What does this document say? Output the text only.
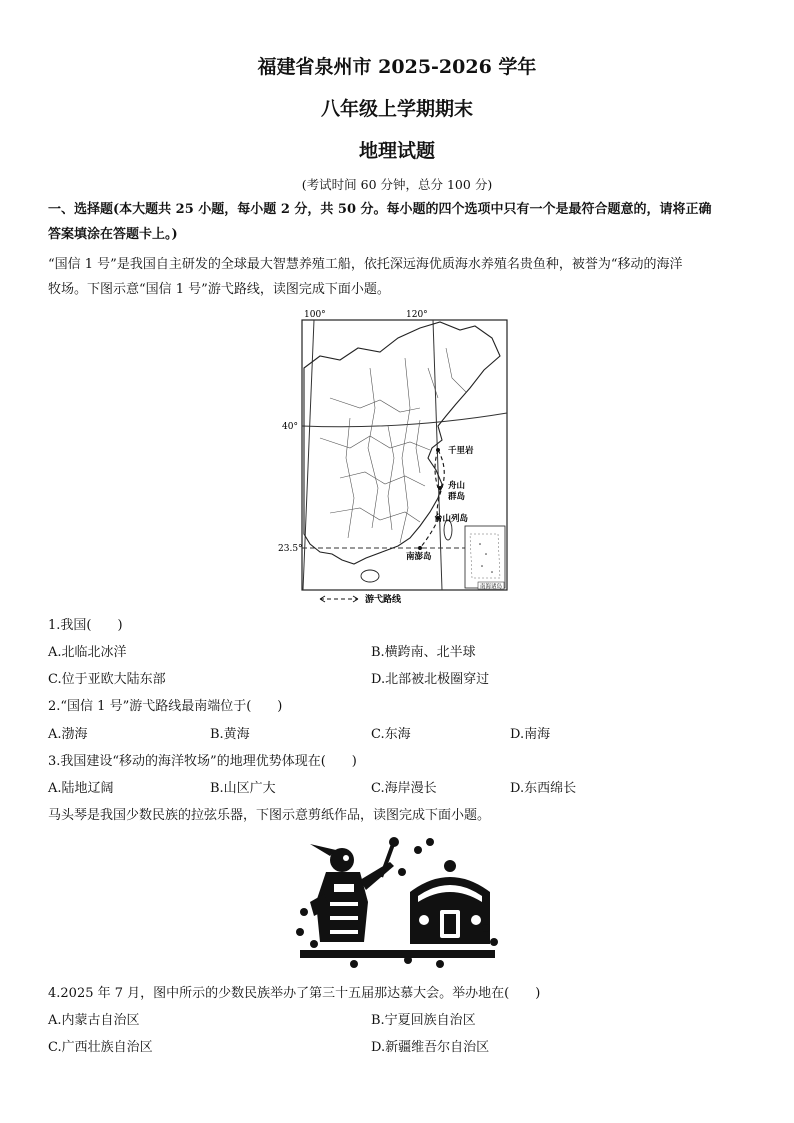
福建省泉州市 2025-2026 学年
八年级上学期期末
地理试题
(考试时间 60 分钟，总分 100 分)
一、选择题(本大题共 25 小题，每小题 2 分，共 50 分。每小题的四个选项中只有一个是最符合题意的，请将正确
答案填涂在答题卡上。)
“国信 1 号”是我国自主研发的全球最大智慧养殖工船，依托深远海优质海水养殖名贵鱼种，被誉为“移动的海洋
牧场。下图示意“国信 1 号”游弋路线，读图完成下面小题。
南海诸岛
100°	120°
40°
23.5°
千里岩
舟山
群岛
台山列岛
南澎岛
游弋路线
1.我国(　　)
A.北临北冰洋	B.横跨南、北半球
C.位于亚欧大陆东部	D.北部被北极圈穿过
2.“国信 1 号”游弋路线最南端位于(　　)
A.渤海	B.黄海	C.东海	D.南海
3.我国建设“移动的海洋牧场”的地理优势体现在(　　)
A.陆地辽阔	B.山区广大	C.海岸漫长	D.东西绵长
马头琴是我国少数民族的拉弦乐器，下图示意剪纸作品，读图完成下面小题。
4.2025 年 7 月，图中所示的少数民族举办了第三十五届那达慕大会。举办地在(　　)
A.内蒙古自治区	B.宁夏回族自治区
C.广西壮族自治区	D.新疆维吾尔自治区
